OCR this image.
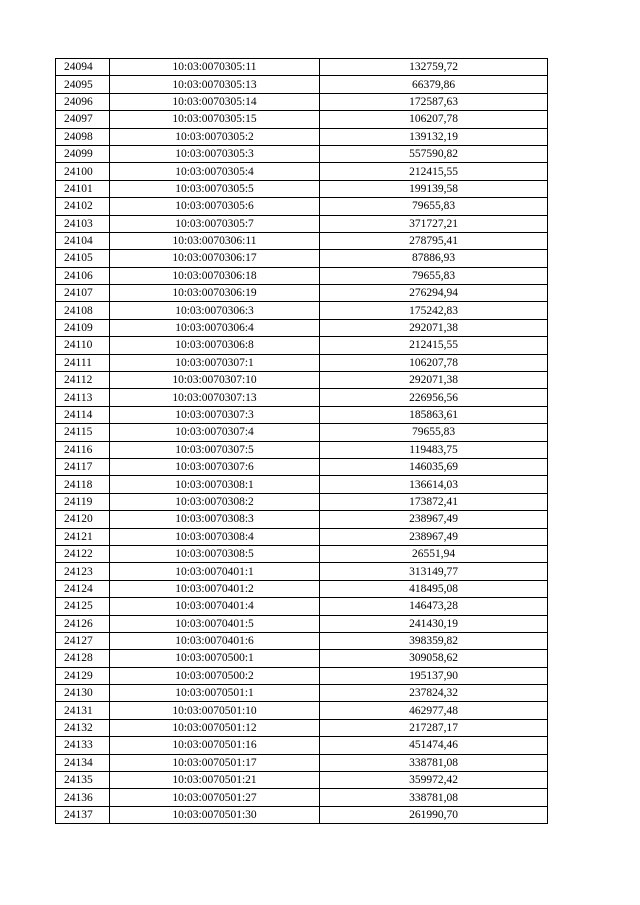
24094	10:03:0070305:11	132759,72
24095	10:03:0070305:13	66379,86
24096	10:03:0070305:14	172587,63
24097	10:03:0070305:15	106207,78
24098	10:03:0070305:2	139132,19
24099	10:03:0070305:3	557590,82
24100	10:03:0070305:4	212415,55
24101	10:03:0070305:5	199139,58
24102	10:03:0070305:6	79655,83
24103	10:03:0070305:7	371727,21
24104	10:03:0070306:11	278795,41
24105	10:03:0070306:17	87886,93
24106	10:03:0070306:18	79655,83
24107	10:03:0070306:19	276294,94
24108	10:03:0070306:3	175242,83
24109	10:03:0070306:4	292071,38
24110	10:03:0070306:8	212415,55
24111	10:03:0070307:1	106207,78
24112	10:03:0070307:10	292071,38
24113	10:03:0070307:13	226956,56
24114	10:03:0070307:3	185863,61
24115	10:03:0070307:4	79655,83
24116	10:03:0070307:5	119483,75
24117	10:03:0070307:6	146035,69
24118	10:03:0070308:1	136614,03
24119	10:03:0070308:2	173872,41
24120	10:03:0070308:3	238967,49
24121	10:03:0070308:4	238967,49
24122	10:03:0070308:5	26551,94
24123	10:03:0070401:1	313149,77
24124	10:03:0070401:2	418495,08
24125	10:03:0070401:4	146473,28
24126	10:03:0070401:5	241430,19
24127	10:03:0070401:6	398359,82
24128	10:03:0070500:1	309058,62
24129	10:03:0070500:2	195137,90
24130	10:03:0070501:1	237824,32
24131	10:03:0070501:10	462977,48
24132	10:03:0070501:12	217287,17
24133	10:03:0070501:16	451474,46
24134	10:03:0070501:17	338781,08
24135	10:03:0070501:21	359972,42
24136	10:03:0070501:27	338781,08
24137	10:03:0070501:30	261990,70
